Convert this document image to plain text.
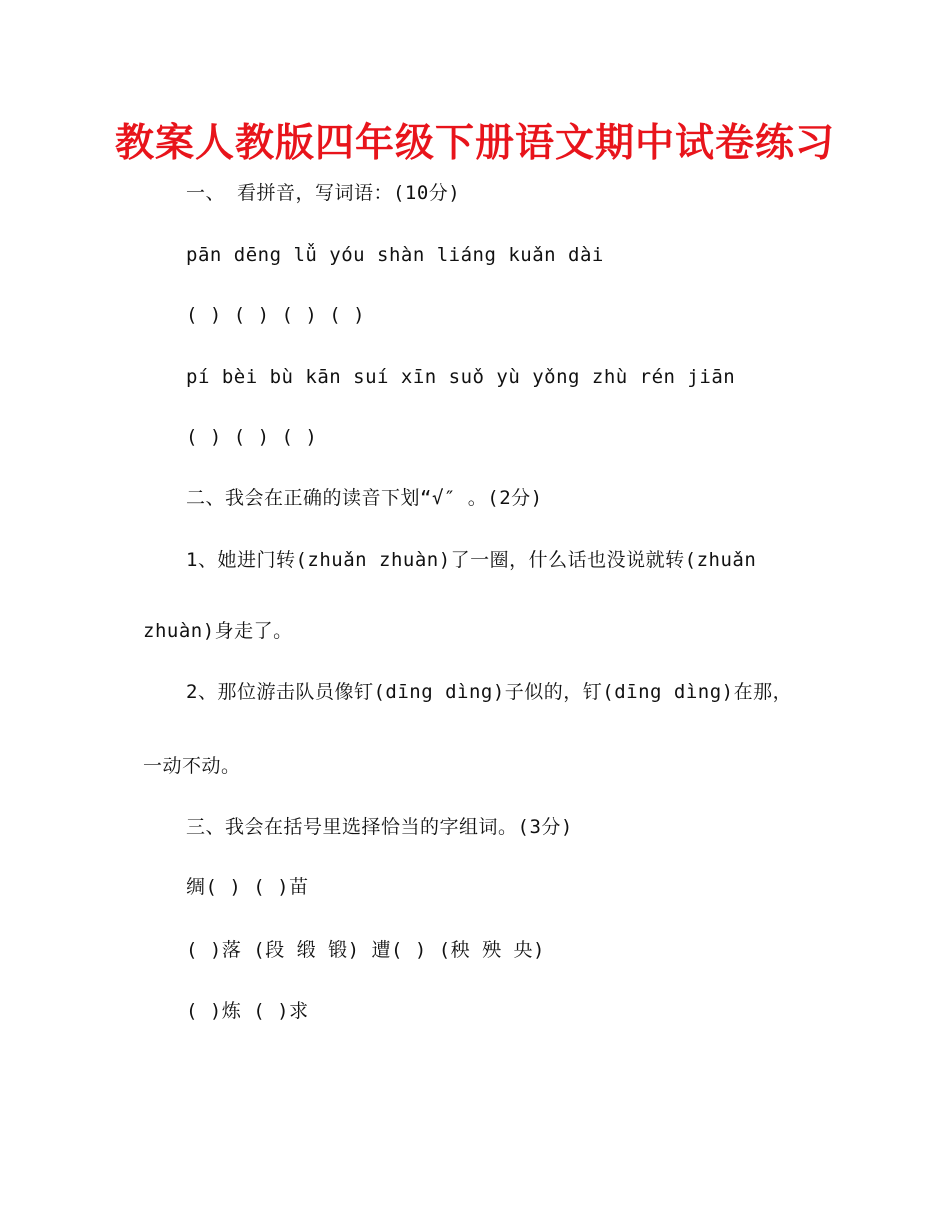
教案人教版四年级下册语文期中试卷练习
一、 看拼音，写词语：(10分)
pān dēng lǚ yóu shàn liáng kuǎn dài
( ) ( ) ( ) ( )
pí bèi bù kān suí xīn suǒ yù yǒng zhù rén jiān
( ) ( ) ( )
二、我会在正确的读音下划“√″ 。(2分)
1、她进门转(zhuǎn zhuàn)了一圈，什么话也没说就转(zhuǎn
zhuàn)身走了。
2、那位游击队员像钉(dīng dìng)子似的，钉(dīng dìng)在那，
一动不动。
三、我会在括号里选择恰当的字组词。(3分)
绸( ) ( )苗
( )落 (段 缎 锻) 遭( ) (秧 殃 央)
( )炼 ( )求
